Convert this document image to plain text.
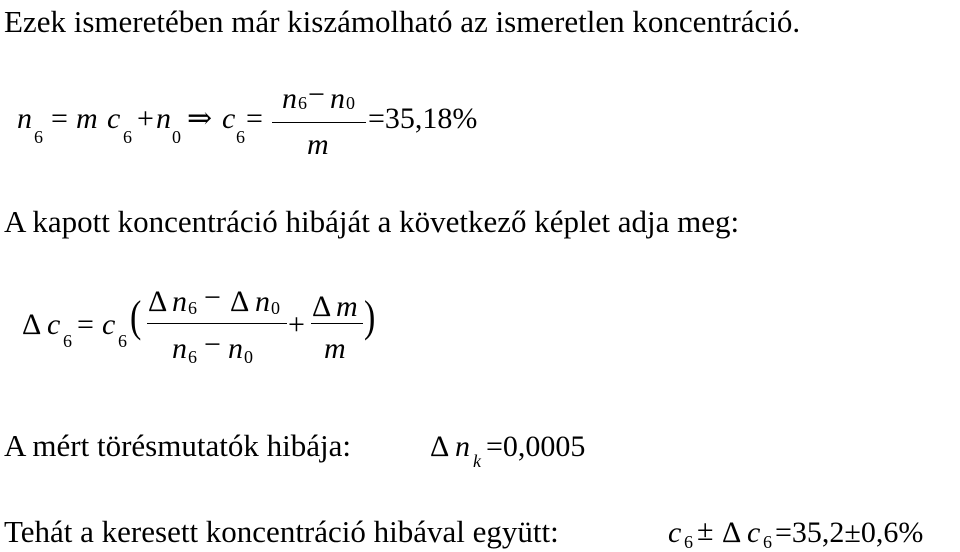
Ezek ismeretében már kiszámolható az ismeretlen koncentráció.
n
6
= m c
6
+ n
0
⇒ c
6
=
n 6 − n 0
m
=35,18%
A kapott koncentráció hibáját a következő képlet adja meg:
Δ c 6 = c 6 ( Δ n 6 − Δ n 0
n 6 − n 0
+
Δ m
m
)
A mért törésmutatók hibája:	Δ n k =0,0005
Tehát a keresett koncentráció hibával együtt:	c 6 ± Δ c 6 =35,2±0,6%
